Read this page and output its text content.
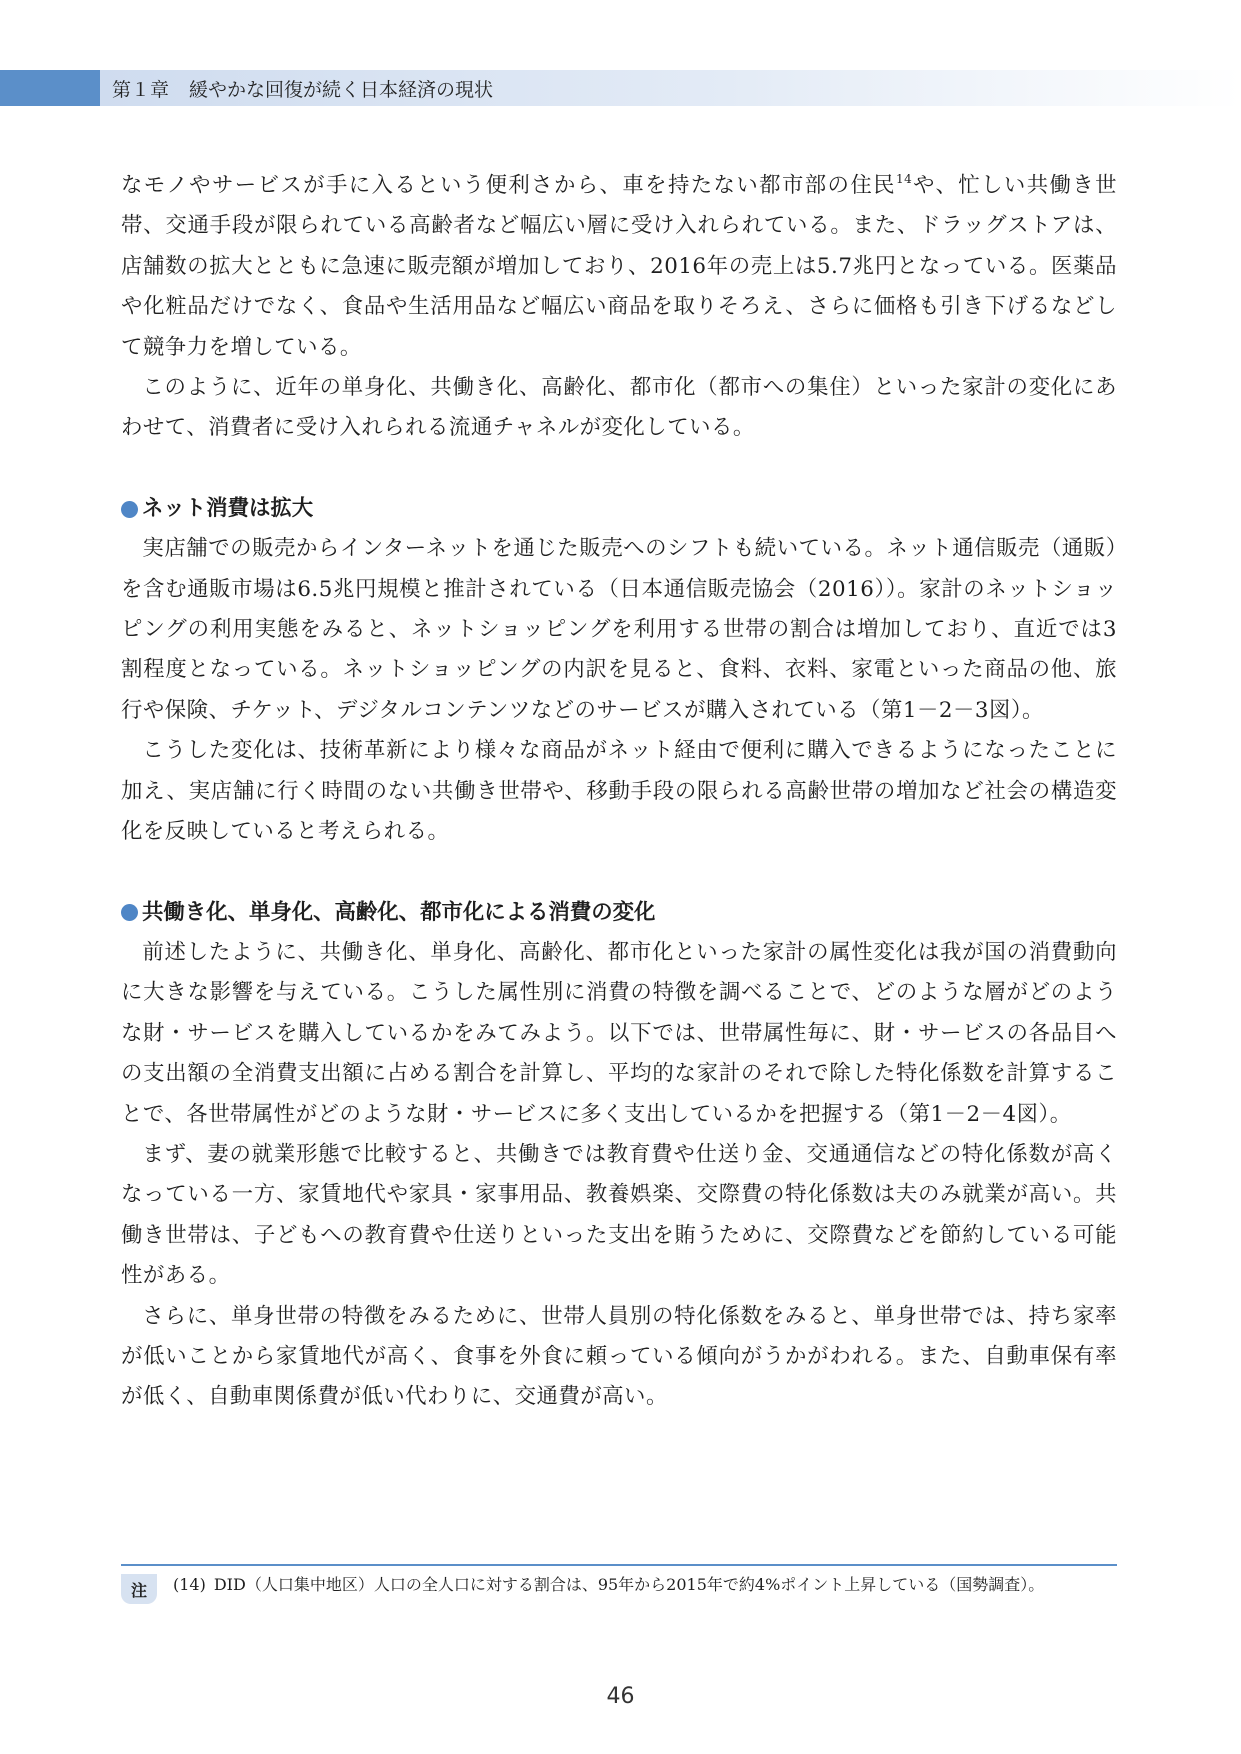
第１章 緩やかな回復が続く日本経済の現状

なモノやサービスが手に入るという便利さから、車を持たない都市部の住民$^{14}$や、忙しい共働き世帯、交通手段が限られている高齢者など幅広い層に受け入れられている。また、ドラッグストアは、店舗数の拡大とともに急速に販売額が増加しており、2016年の売上は5.7兆円となっている。医薬品や化粧品だけでなく、食品や生活用品など幅広い商品を取りそろえ、さらに価格も引き下げるなどして競争力を増している。

このように、近年の単身化、共働き化、高齢化、都市化（都市への集住）といった家計の変化にあわせて、消費者に受け入れられる流通チャネルが変化している。

ネット消費は拡大

実店舗での販売からインターネットを通じた販売へのシフトも続いている。ネット通信販売（通販）を含む通販市場は6.5兆円規模と推計されている（日本通信販売協会（2016））。家計のネットショッピングの利用実態をみると、ネットショッピングを利用する世帯の割合は増加しており、直近では3割程度となっている。ネットショッピングの内訳を見ると、食料、衣料、家電といった商品の他、旅行や保険、チケット、デジタルコンテンツなどのサービスが購入されている（第1－2－3図）。

こうした変化は、技術革新により様々な商品がネット経由で便利に購入できるようになったことに加え、実店舗に行く時間のない共働き世帯や、移動手段の限られる高齢世帯の増加など社会の構造変化を反映していると考えられる。

共働き化、単身化、高齢化、都市化による消費の変化

前述したように、共働き化、単身化、高齢化、都市化といった家計の属性変化は我が国の消費動向に大きな影響を与えている。こうした属性別に消費の特徴を調べることで、どのような層がどのような財・サービスを購入しているかをみてみよう。以下では、世帯属性毎に、財・サービスの各品目への支出額の全消費支出額に占める割合を計算し、平均的な家計のそれで除した特化係数を計算することで、各世帯属性がどのような財・サービスに多く支出しているかを把握する（第1－2－4図）。

まず、妻の就業形態で比較すると、共働きでは教育費や仕送り金、交通通信などの特化係数が高くなっている一方、家賃地代や家具・家事用品、教養娯楽、交際費の特化係数は夫のみ就業が高い。共働き世帯は、子どもへの教育費や仕送りといった支出を賄うために、交際費などを節約している可能性がある。

さらに、単身世帯の特徴をみるために、世帯人員別の特化係数をみると、単身世帯では、持ち家率が低いことから家賃地代が高く、食事を外食に頼っている傾向がうかがわれる。また、自動車保有率が低く、自動車関係費が低い代わりに、交通費が高い。

注	(14) DID（人口集中地区）人口の全人口に対する割合は、95年から2015年で約4%ポイント上昇している（国勢調査）。
46
